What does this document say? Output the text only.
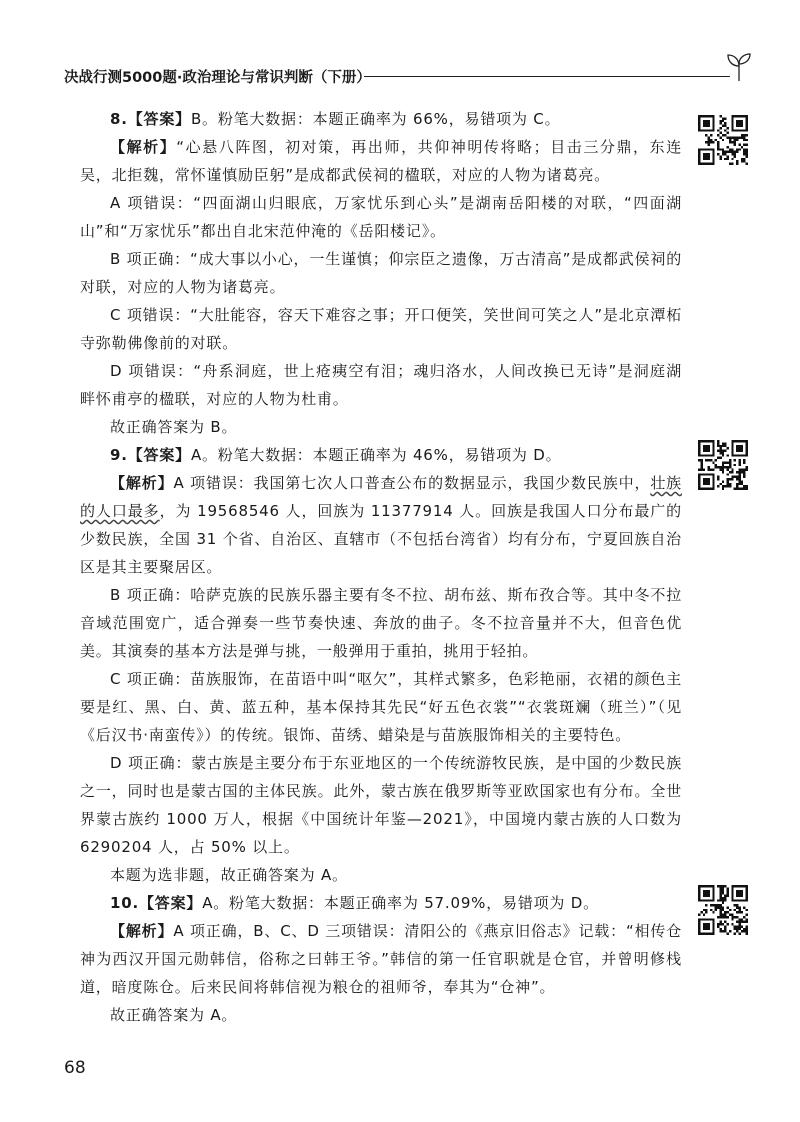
决战行测5000题·政治理论与常识判断（下册）

8.【答案】B。粉笔大数据：本题正确率为 66%，易错项为 C。

【解析】“心悬八阵图，初对策，再出师，共仰神明传将略；目击三分鼎，东连吴，北拒魏，常怀谨慎励臣躬”是成都武侯祠的楹联，对应的人物为诸葛亮。

A 项错误：“四面湖山归眼底，万家忧乐到心头”是湖南岳阳楼的对联，“四面湖山”和“万家忧乐”都出自北宋范仲淹的《岳阳楼记》。

B 项正确：“成大事以小心，一生谨慎；仰宗臣之遗像，万古清高”是成都武侯祠的对联，对应的人物为诸葛亮。

C 项错误：“大肚能容，容天下难容之事；开口便笑，笑世间可笑之人”是北京潭柘寺弥勒佛像前的对联。

D 项错误：“舟系洞庭，世上疮痍空有泪；魂归洛水，人间改换已无诗”是洞庭湖畔怀甫亭的楹联，对应的人物为杜甫。

故正确答案为 B。

9.【答案】A。粉笔大数据：本题正确率为 46%，易错项为 D。

【解析】A 项错误：我国第七次人口普查公布的数据显示，我国少数民族中，壮族的人口最多，为 19568546 人，回族为 11377914 人。回族是我国人口分布最广的少数民族，全国 31 个省、自治区、直辖市（不包括台湾省）均有分布，宁夏回族自治区是其主要聚居区。

B 项正确：哈萨克族的民族乐器主要有冬不拉、胡布兹、斯布孜合等。其中冬不拉音域范围宽广，适合弹奏一些节奏快速、奔放的曲子。冬不拉音量并不大，但音色优美。其演奏的基本方法是弹与挑，一般弹用于重拍，挑用于轻拍。

C 项正确：苗族服饰，在苗语中叫“呕欠”，其样式繁多，色彩艳丽，衣裙的颜色主要是红、黑、白、黄、蓝五种，基本保持其先民“好五色衣裳”“衣裳斑斓（班兰）”（见《后汉书·南蛮传》）的传统。银饰、苗绣、蜡染是与苗族服饰相关的主要特色。

D 项正确：蒙古族是主要分布于东亚地区的一个传统游牧民族，是中国的少数民族之一，同时也是蒙古国的主体民族。此外，蒙古族在俄罗斯等亚欧国家也有分布。全世界蒙古族约 1000 万人，根据《中国统计年鉴—2021》，中国境内蒙古族的人口数为 6290204 人，占 50% 以上。

本题为选非题，故正确答案为 A。

10.【答案】A。粉笔大数据：本题正确率为 57.09%，易错项为 D。

【解析】A 项正确，B、C、D 三项错误：清阳公的《燕京旧俗志》记载：“相传仓神为西汉开国元勋韩信，俗称之曰韩王爷。”韩信的第一任官职就是仓官，并曾明修栈道，暗度陈仓。后来民间将韩信视为粮仓的祖师爷，奉其为“仓神”。

故正确答案为 A。

68
